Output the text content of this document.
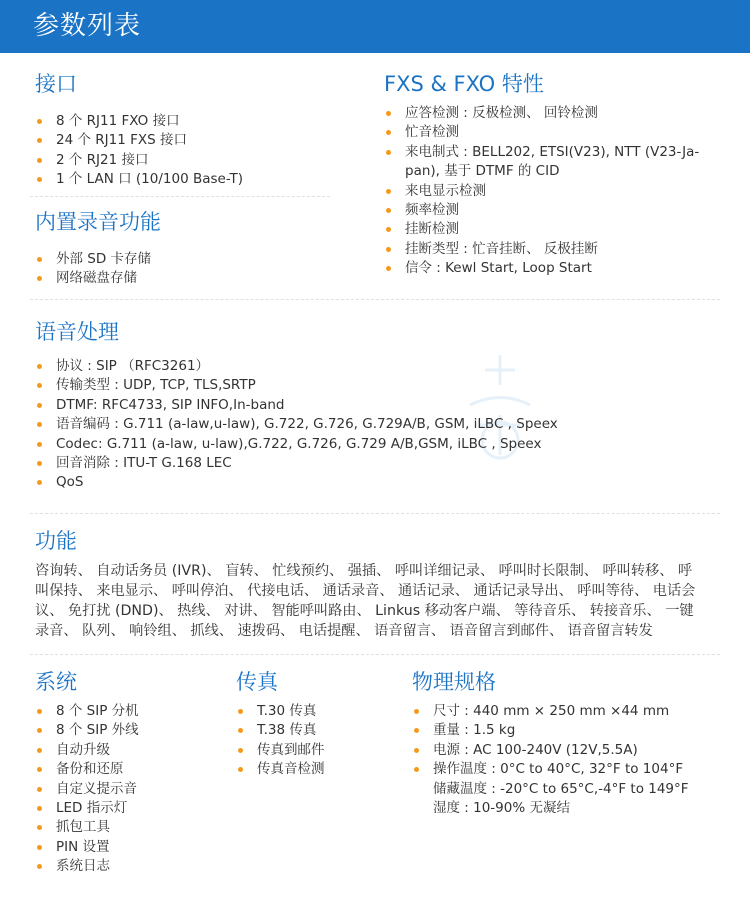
参数列表
接口
8 个 RJ11 FXO 接口
24 个 RJ11 FXS 接口
2 个 RJ21 接口
1 个 LAN 口 (10/100 Base-T)
内置录音功能
外部 SD 卡存储
网络磁盘存储
FXS & FXO 特性
应答检测 : 反极检测、 回铃检测
忙音检测
来电制式 : BELL202, ETSI(V23), NTT (V23-Ja-
pan), 基于 DTMF 的 CID
来电显示检测
频率检测
挂断检测
挂断类型 : 忙音挂断、 反极挂断
信令 : Kewl Start, Loop Start
语音处理
协议 : SIP （RFC3261）
传输类型 : UDP, TCP, TLS,SRTP
DTMF: RFC4733, SIP INFO,In-band
语音编码 : G.711 (a-law,u-law), G.722, G.726, G.729A/B, GSM, iLBC , Speex
Codec: G.711 (a-law, u-law),G.722, G.726, G.729 A/B,GSM, iLBC , Speex
回音消除 : ITU-T G.168 LEC
QoS
功能
咨询转、 自动话务员 (IVR)、 盲转、 忙线预约、 强插、 呼叫详细记录、 呼叫时长限制、 呼叫转移、 呼
叫保持、 来电显示、 呼叫停泊、 代接电话、 通话录音、 通话记录、 通话记录导出、 呼叫等待、 电话会
议、 免打扰 (DND)、 热线、 对讲、 智能呼叫路由、 Linkus 移动客户端、 等待音乐、 转接音乐、 一键
录音、 队列、 响铃组、 抓线、 速拨码、 电话提醒、 语音留言、 语音留言到邮件、 语音留言转发
系统
8 个 SIP 分机
8 个 SIP 外线
自动升级
备份和还原
自定义提示音
LED 指示灯
抓包工具
PIN 设置
系统日志
传真
T.30 传真
T.38 传真
传真到邮件
传真音检测
物理规格
尺寸 : 440 mm × 250 mm ×44 mm
重量 : 1.5 kg
电源 : AC 100-240V (12V,5.5A)
操作温度 : 0°C to 40°C, 32°F to 104°F
储藏温度 : -20°C to 65°C,-4°F to 149°F
湿度 : 10-90% 无凝结
